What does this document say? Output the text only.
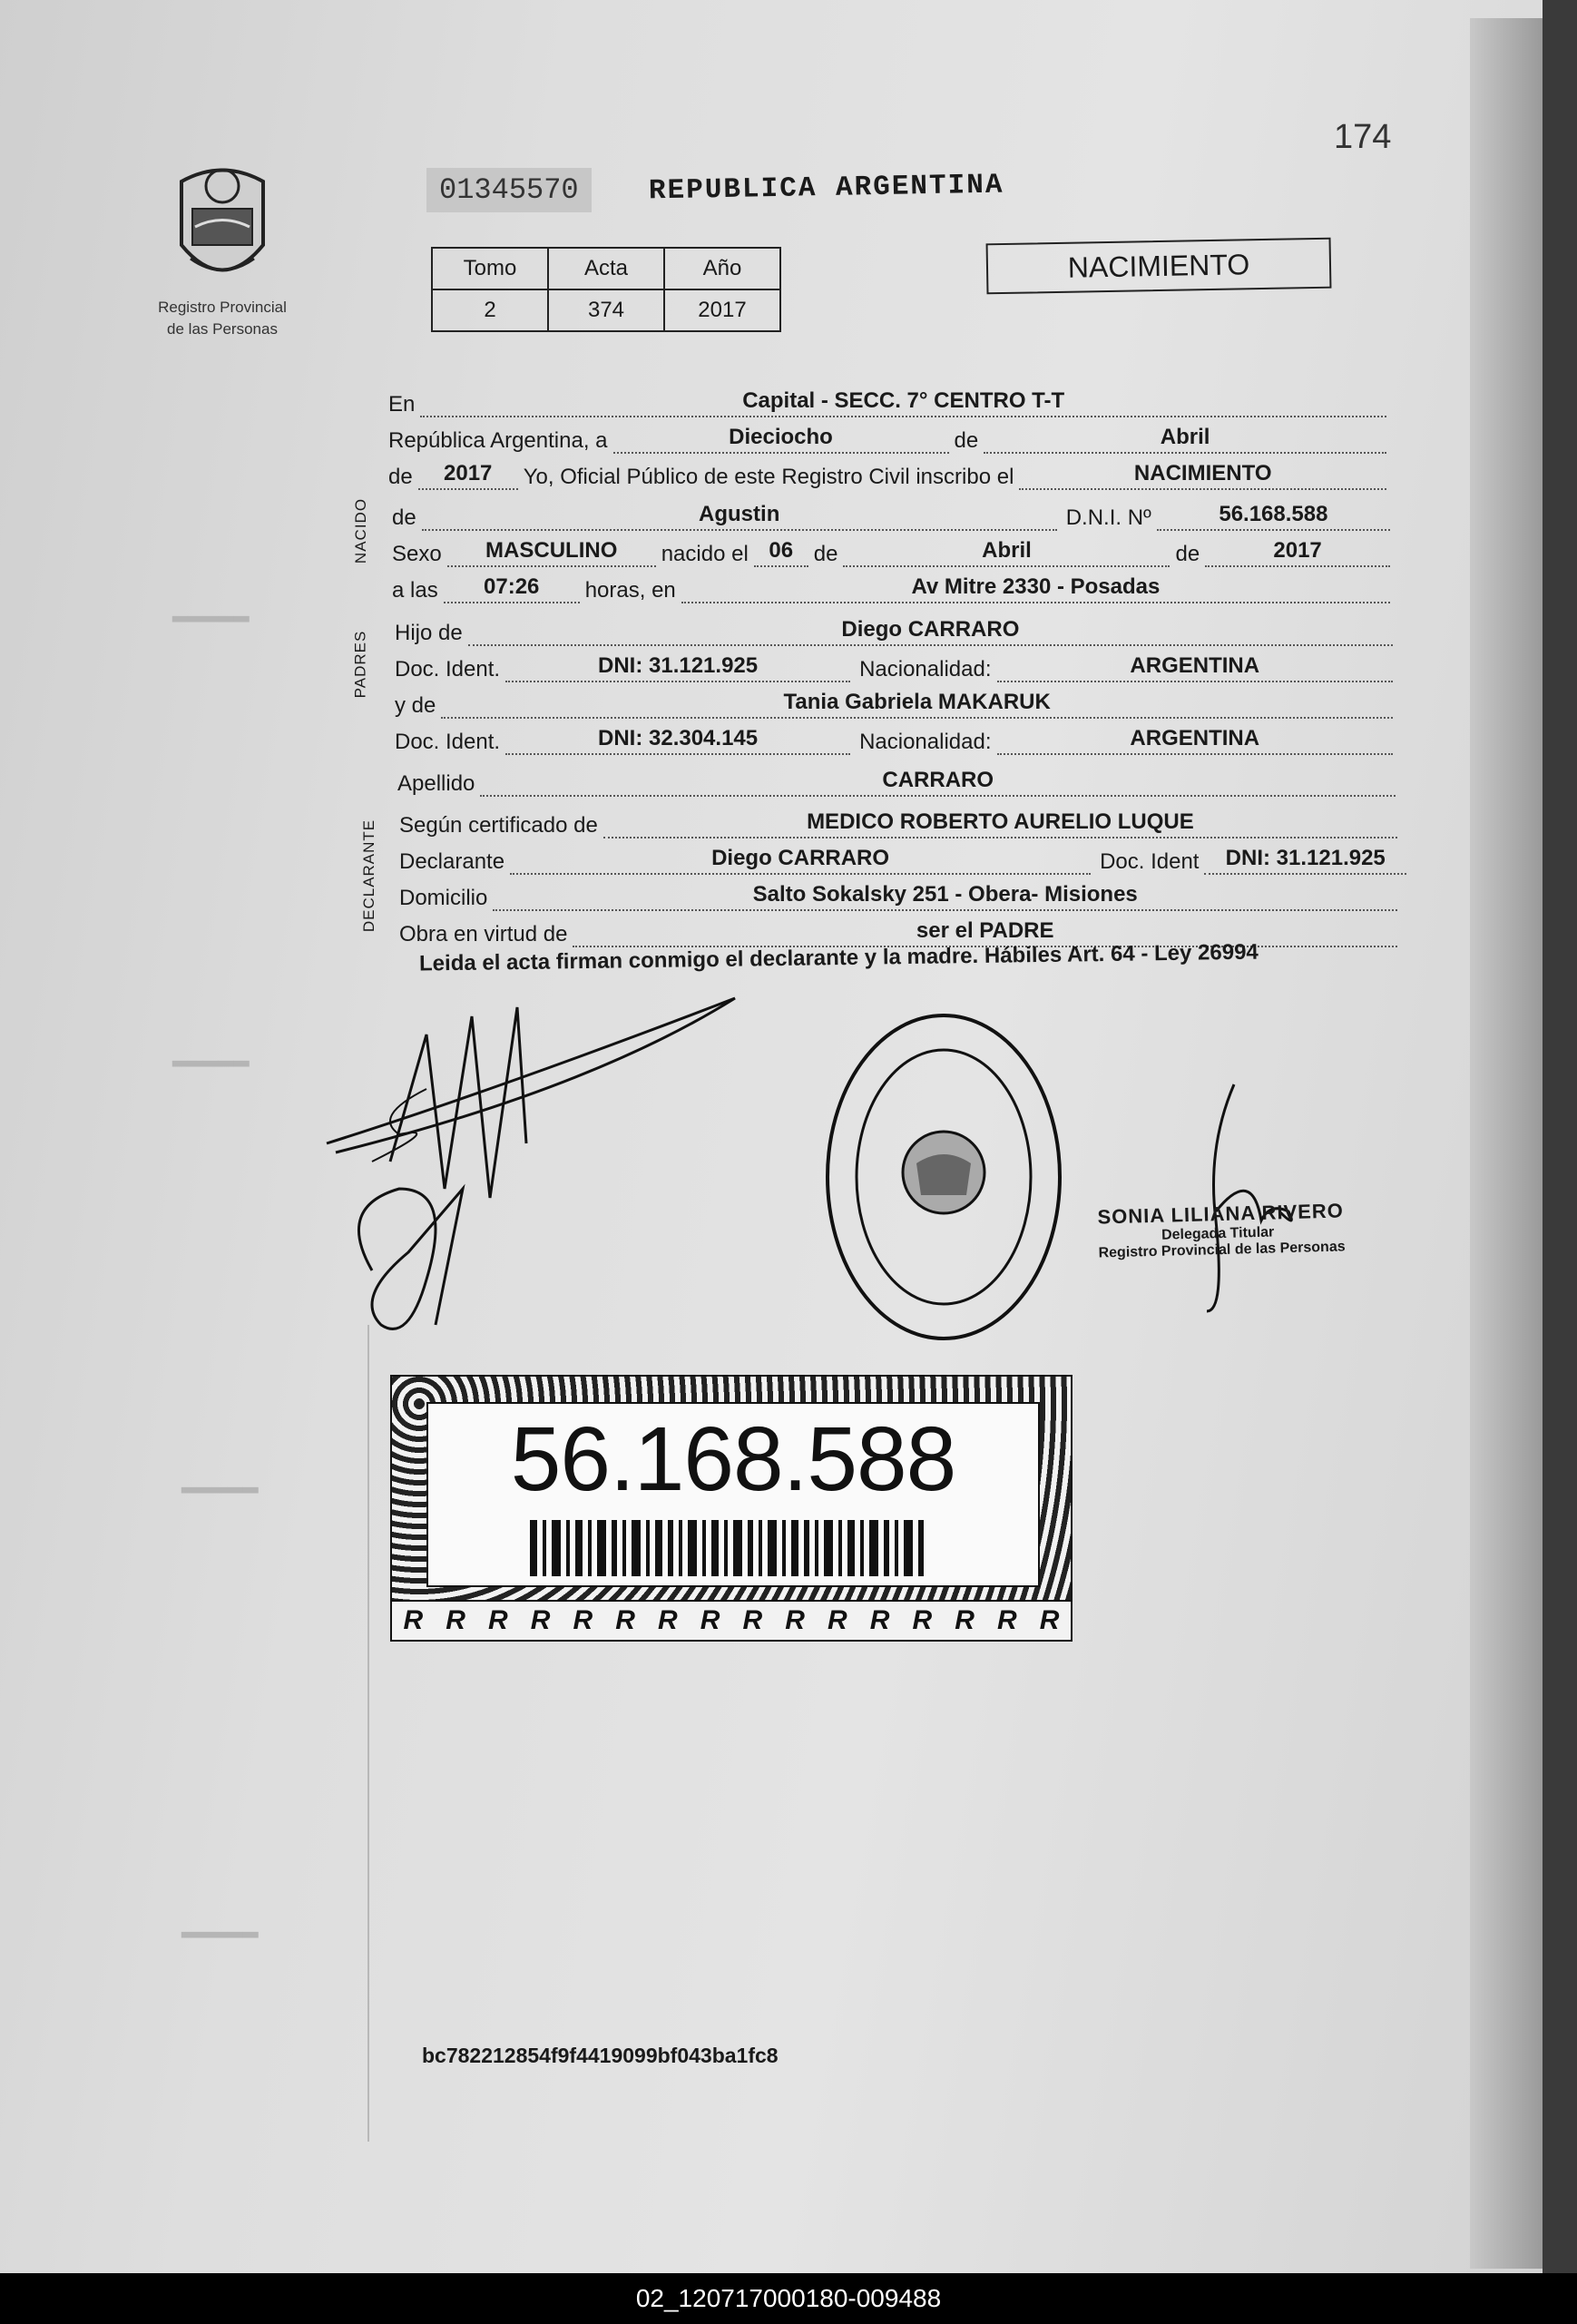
▂▂▂▂▂
▂▂▂▂▂
▂▂▂▂▂
▂▂▂▂▂
174
Registro Provincial
de las Personas
01345570	REPUBLICA ARGENTINA
Tomo	Acta	Año
2	374	2017
NACIMIENTO
En	Capital - SECC. 7° CENTRO T-T
República Argentina, a	Dieciocho	de	Abril
de	2017	Yo, Oficial Público de este Registro Civil inscribo el	NACIMIENTO
NACIDO de	Agustin	D.N.I. Nº	56.168.588
Sexo	MASCULINO	nacido el 06 de	Abril	de	2017
a las	07:26	horas, en	Av Mitre 2330 - Posadas
PADRES Hijo de	Diego CARRARO
Doc. Ident.	DNI: 31.121.925	Nacionalidad:	ARGENTINA
y de	Tania Gabriela MAKARUK
Doc. Ident.	DNI: 32.304.145	Nacionalidad:	ARGENTINA
Apellido	CARRARO
DECLARANTE Según certificado de	MEDICO ROBERTO AURELIO LUQUE
Declarante	Diego CARRARO	Doc. Ident	DNI: 31.121.925
Domicilio	Salto Sokalsky 251 - Obera- Misiones
Obra en virtud de	ser el PADRE
Leida el acta firman conmigo el declarante y la madre. Hábiles Art. 64 - Ley 26994
SONIA LILIANA RIVERO
Delegada Titular
Registro Provincial de las Personas
56.168.588
R R R R R R R R R R R R R R R R
bc782212854f9f4419099bf043ba1fc8
02_120717000180-009488
